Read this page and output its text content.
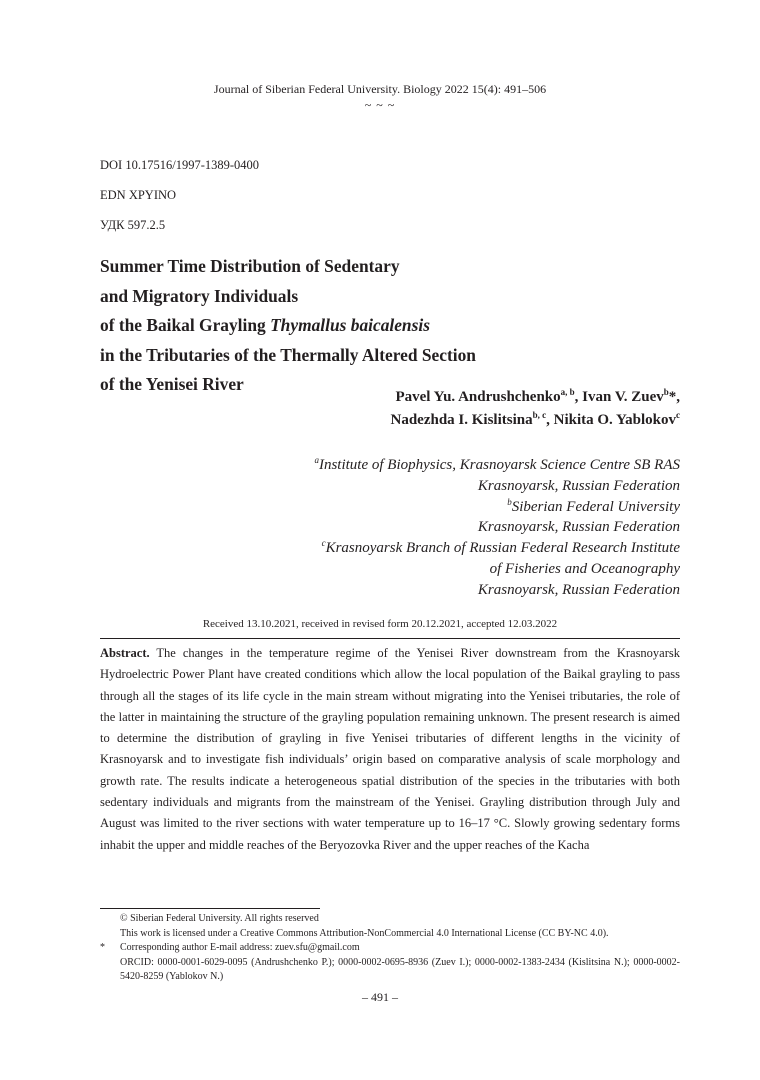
Journal of Siberian Federal University. Biology 2022 15(4): 491–506
~ ~ ~
DOI 10.17516/1997-1389-0400
EDN XPYINO
УДК 597.2.5
Summer Time Distribution of Sedentary
and Migratory Individuals
of the Baikal Grayling Thymallus baicalensis
in the Tributaries of the Thermally Altered Section
of the Yenisei River
Pavel Yu. Andrushchenko$^{a, b}$, Ivan V. Zuev$^b$*,
Nadezhda I. Kislitsina$^{b, c}$, Nikita O. Yablokov$^c$
$^a$Institute of Biophysics, Krasnoyarsk Science Centre SB RAS
Krasnoyarsk, Russian Federation
$^b$Siberian Federal University
Krasnoyarsk, Russian Federation
$^c$Krasnoyarsk Branch of Russian Federal Research Institute
of Fisheries and Oceanography
Krasnoyarsk, Russian Federation
Received 13.10.2021, received in revised form 20.12.2021, accepted 12.03.2022
Abstract. The changes in the temperature regime of the Yenisei River downstream from the Krasnoyarsk Hydroelectric Power Plant have created conditions which allow the local population of the Baikal grayling to pass through all the stages of its life cycle in the main stream without migrating into the Yenisei tributaries, the role of the latter in maintaining the structure of the grayling population remaining unknown. The present research is aimed to determine the distribution of grayling in five Yenisei tributaries of different lengths in the vicinity of Krasnoyarsk and to investigate fish individuals’ origin based on comparative analysis of scale morphology and growth rate. The results indicate a heterogeneous spatial distribution of the species in the tributaries with both sedentary individuals and migrants from the mainstream of the Yenisei. Grayling distribution through July and August was limited to the river sections with water temperature up to 16–17 °C. Slowly growing sedentary forms inhabit the upper and middle reaches of the Beryozovka River and the upper reaches of the Kacha
© Siberian Federal University. All rights reserved
This work is licensed under a Creative Commons Attribution-NonCommercial 4.0 International License (CC BY-NC 4.0).
*	Corresponding author E-mail address: zuev.sfu@gmail.com
ORCID: 0000-0001-6029-0095 (Andrushchenko P.); 0000-0002-0695-8936 (Zuev I.); 0000-0002-1383-2434 (Kislitsina N.); 0000-0002-5420-8259 (Yablokov N.)
– 491 –
